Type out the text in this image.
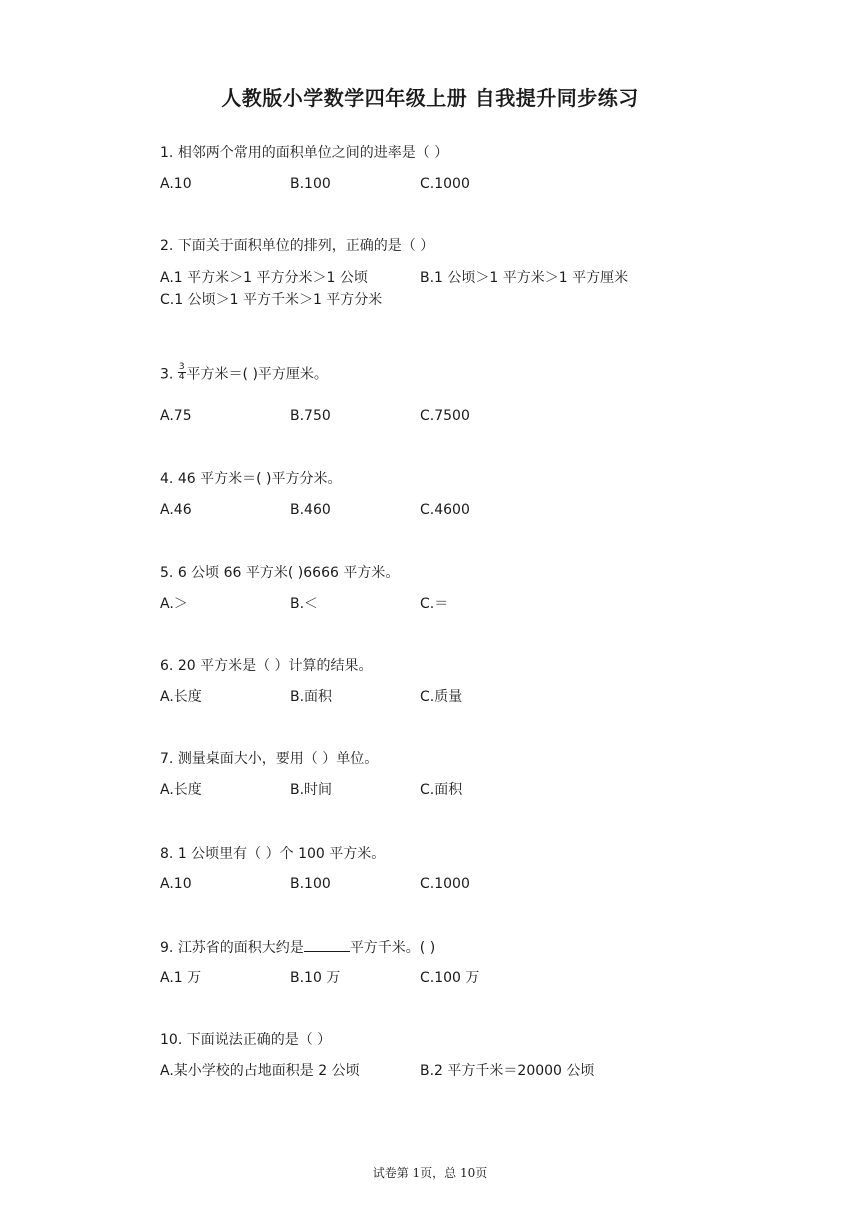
人教版小学数学四年级上册 自我提升同步练习
1. 相邻两个常用的面积单位之间的进率是（ ）
A.10	B.100	C.1000
2. 下面关于面积单位的排列，正确的是（ ）
A.1 平方米＞1 平方分米＞1 公顷	B.1 公顷＞1 平方米＞1 平方厘米
C.1 公顷＞1 平方千米＞1 平方分米
3. $\frac{3}{4}$ 平方米＝( )平方厘米。
A.75	B.750	C.7500
4. 46 平方米＝( )平方分米。
A.46	B.460	C.4600
5. 6 公顷 66 平方米( )6666 平方米。
A.＞	B.＜	C.＝
6. 20 平方米是（ ）计算的结果。
A.长度	B.面积	C.质量
7. 测量桌面大小，要用（ ）单位。
A.长度	B.时间	C.面积
8. 1 公顷里有（ ）个 100 平方米。
A.10	B.100	C.1000
9. 江苏省的面积大约是	平方千米。( )
A.1 万	B.10 万	C.100 万
10. 下面说法正确的是（ ）
A.某小学校的占地面积是 2 公顷	B.2 平方千米＝20000 公顷
试卷第 1页，总 10页
